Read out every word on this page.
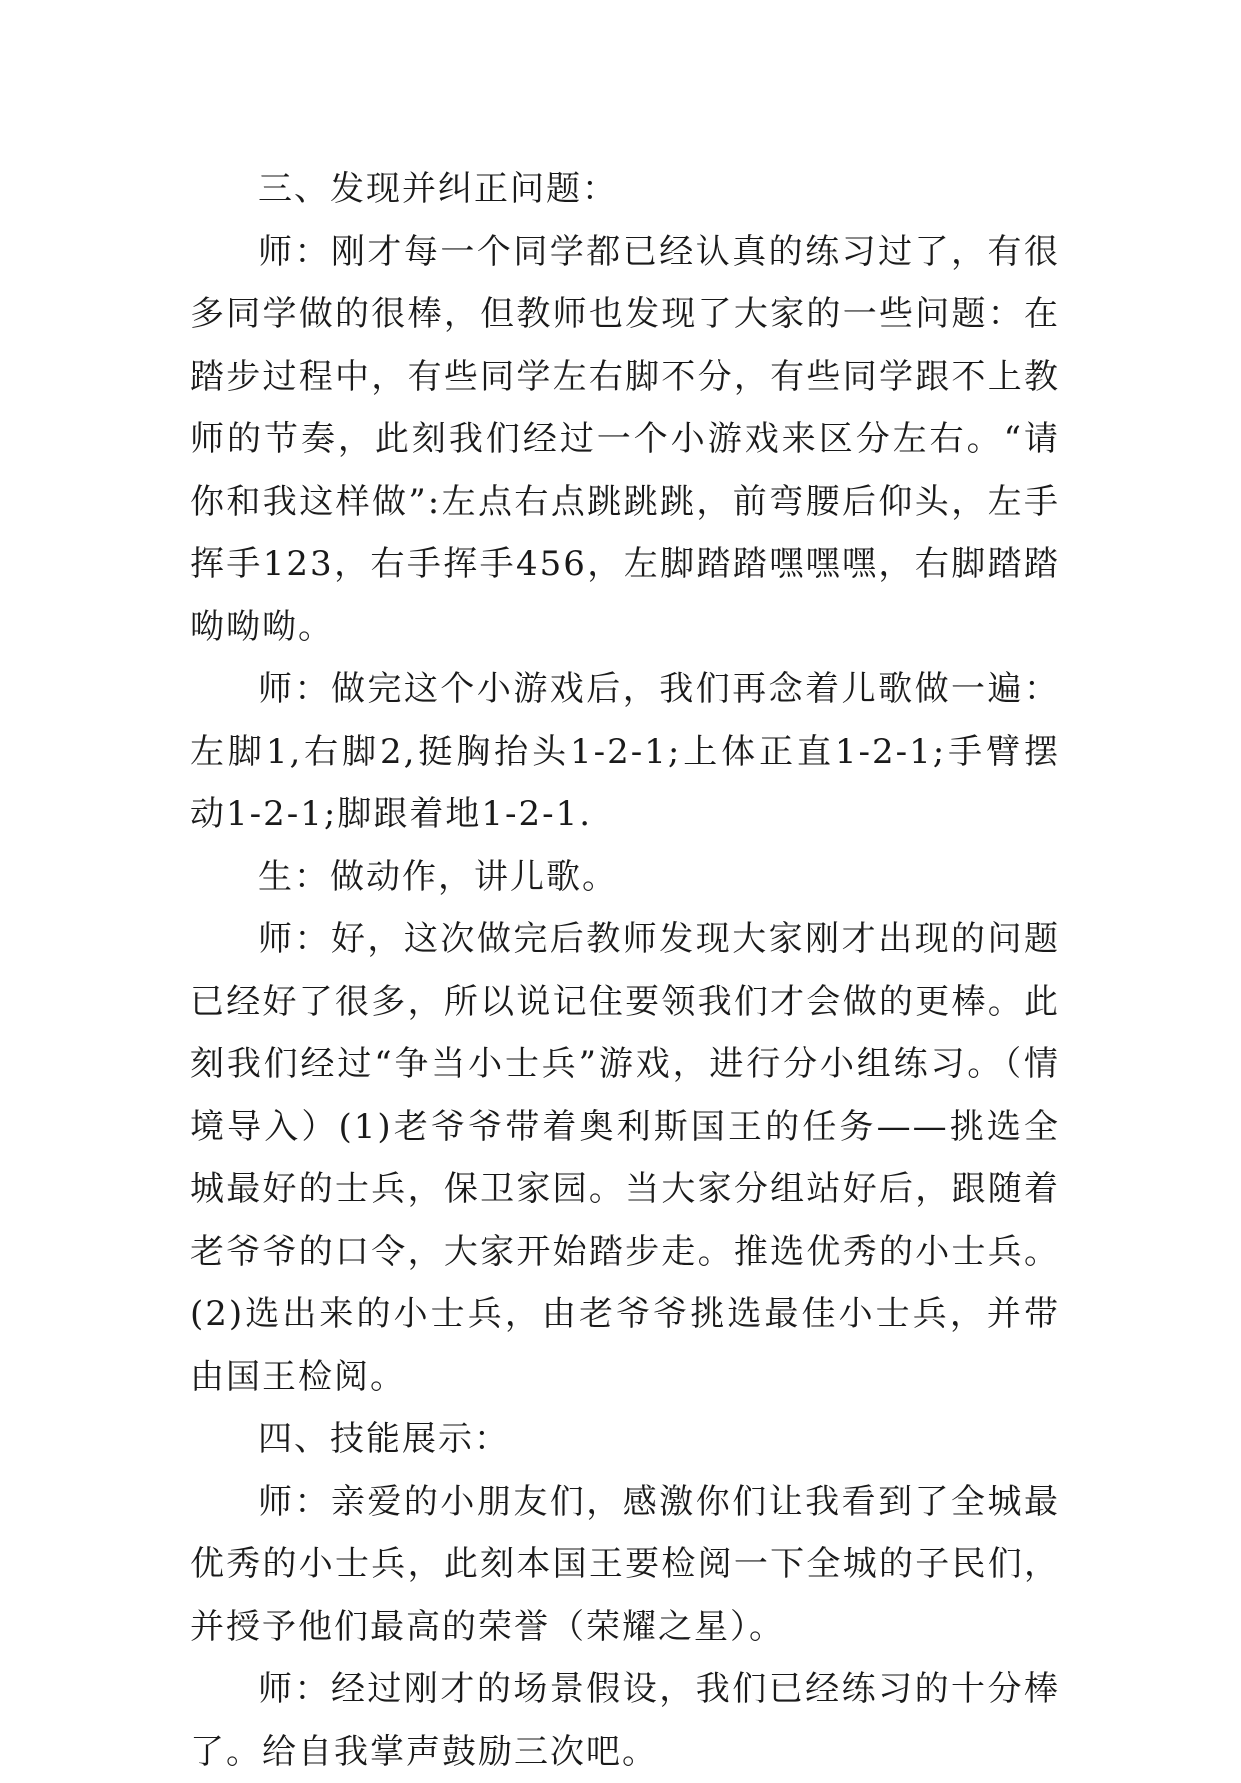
三、发现并纠正问题：

师：刚才每一个同学都已经认真的练习过了，有很多同学做的很棒，但教师也发现了大家的一些问题：在踏步过程中，有些同学左右脚不分，有些同学跟不上教师的节奏，此刻我们经过一个小游戏来区分左右。“请你和我这样做”:左点右点跳跳跳，前弯腰后仰头，左手挥手123，右手挥手456，左脚踏踏嘿嘿嘿，右脚踏踏呦呦呦。

师：做完这个小游戏后，我们再念着儿歌做一遍：左脚1,右脚2,挺胸抬头1-2-1;上体正直1-2-1;手臂摆动1-2-1;脚跟着地1-2-1.

生：做动作，讲儿歌。

师：好，这次做完后教师发现大家刚才出现的问题已经好了很多，所以说记住要领我们才会做的更棒。此刻我们经过“争当小士兵”游戏，进行分小组练习。（情境导入）(1)老爷爷带着奥利斯国王的任务——挑选全城最好的士兵，保卫家园。当大家分组站好后，跟随着老爷爷的口令，大家开始踏步走。推选优秀的小士兵。(2)选出来的小士兵，由老爷爷挑选最佳小士兵，并带由国王检阅。

四、技能展示：

师：亲爱的小朋友们，感激你们让我看到了全城最优秀的小士兵，此刻本国王要检阅一下全城的子民们，并授予他们最高的荣誉（荣耀之星）。

师：经过刚才的场景假设，我们已经练习的十分棒了。给自我掌声鼓励三次吧。
